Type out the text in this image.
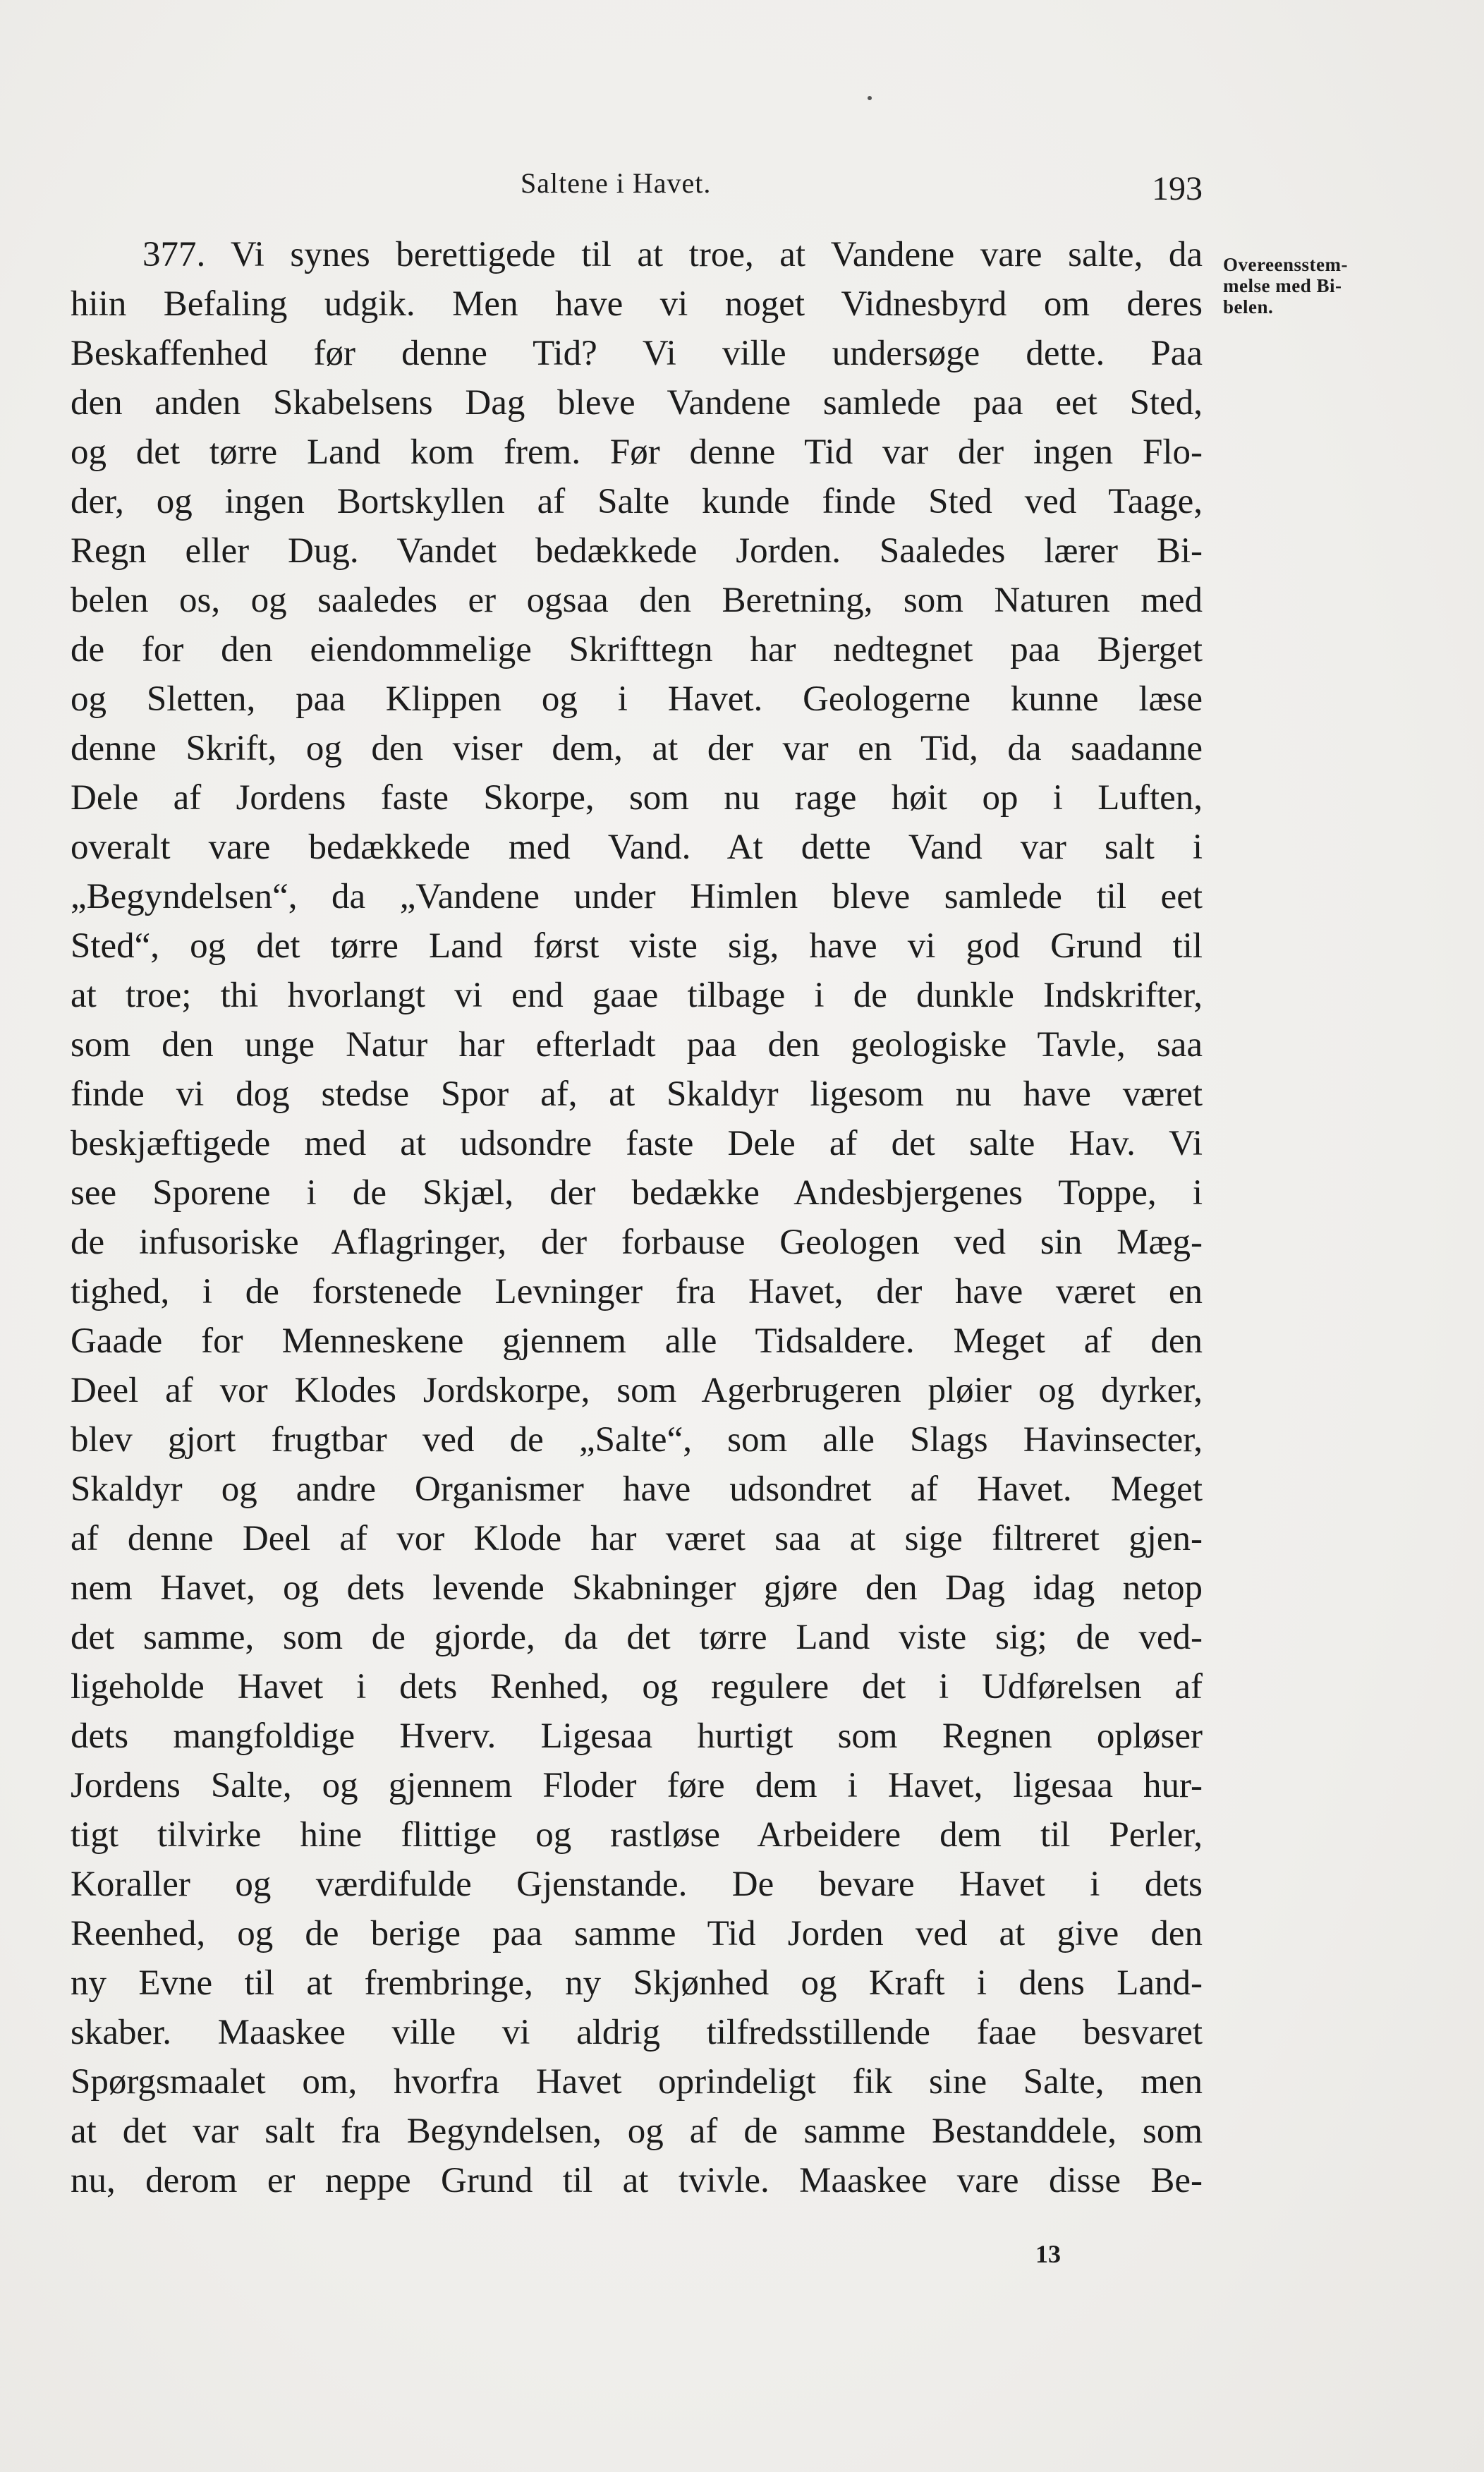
Saltene i Havet.	193
377. Vi synes berettigede til at troe, at Vandene vare salte, da
hiin Befaling udgik. Men have vi noget Vidnesbyrd om deres
Beskaffenhed før denne Tid? Vi ville undersøge dette. Paa
den anden Skabelsens Dag bleve Vandene samlede paa eet Sted,
og det tørre Land kom frem. Før denne Tid var der ingen Flo-
der, og ingen Bortskyllen af Salte kunde finde Sted ved Taage,
Regn eller Dug. Vandet bedækkede Jorden. Saaledes lærer Bi-
belen os, og saaledes er ogsaa den Beretning, som Naturen med
de for den eiendommelige Skrifttegn har nedtegnet paa Bjerget
og Sletten, paa Klippen og i Havet. Geologerne kunne læse
denne Skrift, og den viser dem, at der var en Tid, da saadanne
Dele af Jordens faste Skorpe, som nu rage høit op i Luften,
overalt vare bedækkede med Vand. At dette Vand var salt i
„Begyndelsen“, da „Vandene under Himlen bleve samlede til eet
Sted“, og det tørre Land først viste sig, have vi god Grund til
at troe; thi hvorlangt vi end gaae tilbage i de dunkle Indskrifter,
som den unge Natur har efterladt paa den geologiske Tavle, saa
finde vi dog stedse Spor af, at Skaldyr ligesom nu have været
beskjæftigede med at udsondre faste Dele af det salte Hav. Vi
see Sporene i de Skjæl, der bedække Andesbjergenes Toppe, i
de infusoriske Aflagringer, der forbause Geologen ved sin Mæg-
tighed, i de forstenede Levninger fra Havet, der have været en
Gaade for Menneskene gjennem alle Tidsaldere. Meget af den
Deel af vor Klodes Jordskorpe, som Agerbrugeren pløier og dyrker,
blev gjort frugtbar ved de „Salte“, som alle Slags Havinsecter,
Skaldyr og andre Organismer have udsondret af Havet. Meget
af denne Deel af vor Klode har været saa at sige filtreret gjen-
nem Havet, og dets levende Skabninger gjøre den Dag idag netop
det samme, som de gjorde, da det tørre Land viste sig; de ved-
ligeholde Havet i dets Renhed, og regulere det i Udførelsen af
dets mangfoldige Hverv. Ligesaa hurtigt som Regnen opløser
Jordens Salte, og gjennem Floder føre dem i Havet, ligesaa hur-
tigt tilvirke hine flittige og rastløse Arbeidere dem til Perler,
Koraller og værdifulde Gjenstande. De bevare Havet i dets
Reenhed, og de berige paa samme Tid Jorden ved at give den
ny Evne til at frembringe, ny Skjønhed og Kraft i dens Land-
skaber. Maaskee ville vi aldrig tilfredsstillende faae besvaret
Spørgsmaalet om, hvorfra Havet oprindeligt fik sine Salte, men
at det var salt fra Begyndelsen, og af de samme Bestanddele, som
nu, derom er neppe Grund til at tvivle. Maaskee vare disse Be-
Overeensstem-
melse med Bi-
belen.
13
